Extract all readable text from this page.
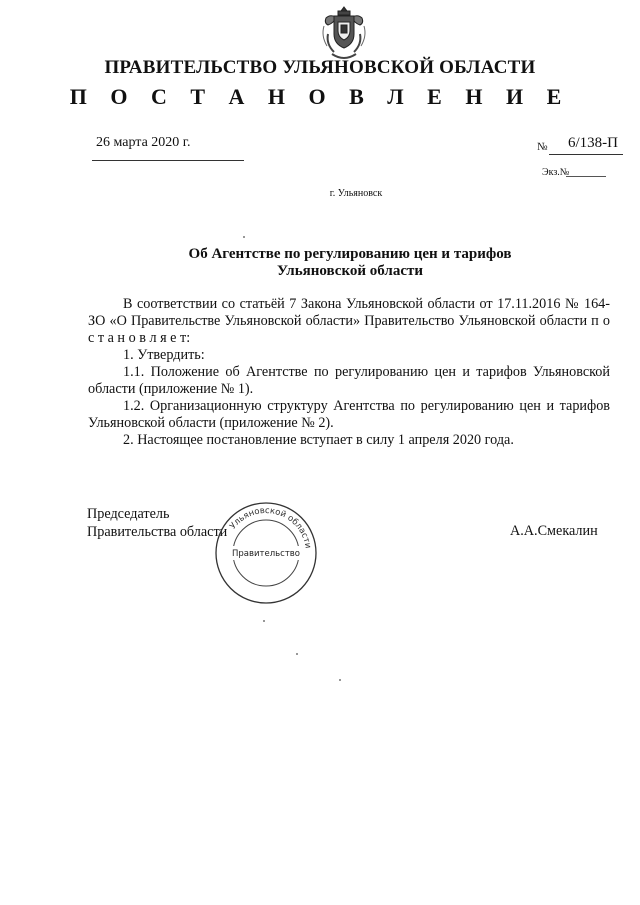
ПРАВИТЕЛЬСТВО УЛЬЯНОВСКОЙ ОБЛАСТИ
П О С Т А Н О В Л Е Н И Е
26 марта 2020 г.	№ 6/138-П
Экз.№
г. Ульяновск
Об Агентстве по регулированию цен и тарифов
Ульяновской области

В соответствии со статьёй 7 Закона Ульяновской области от 17.11.2016 № 164-ЗО «О Правительстве Ульяновской области» Правительство Ульяновской области п о с т а н о в л я е т:

1. Утвердить:

1.1. Положение об Агентстве по регулированию цен и тарифов Ульяновской области (приложение № 1).

1.2. Организационную структуру Агентства по регулированию цен и тарифов Ульяновской области (приложение № 2).

2. Настоящее постановление вступает в силу 1 апреля 2020 года.

Председатель
Правительства области	А.А.Смекалин
Ульяновской области
Правительство
